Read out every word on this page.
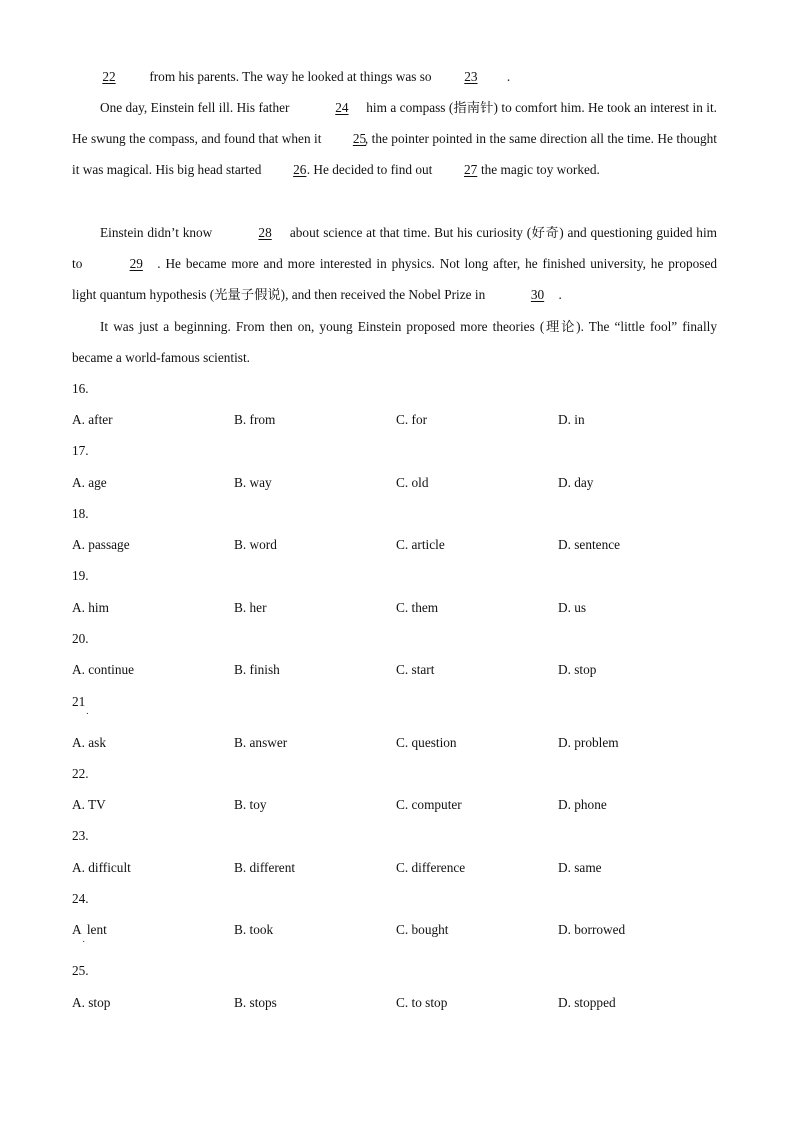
22 from his parents. The way he looked at things was so 23 .
One day, Einstein fell ill. His father	24 him a compass (指南针) to comfort him. He took an interest in it. He swung the compass, and found that when it 25, the pointer pointed in the same direction all the time. He thought it was magical. His big head started 26. He decided to find out 27 the magic toy worked.
Einstein didn’t know	28 about science at that time. But his curiosity (好奇) and questioning guided him to	29 . He became more and more interested in physics. Not long after, he finished university, he proposed light quantum hypothesis (光量子假说), and then received the Nobel Prize in	30 .
It was just a beginning. From then on, young Einstein proposed more theories (理论). The “little fool” finally became a world-famous scientist.
16.
A. after	B. from	C. for	D. in
17.
A. age	B. way	C. old	D. day
18.
A. passage	B. word	C. article	D. sentence
19.
A. him	B. her	C. them	D. us
20.
A. continue	B. finish	C. start	D. stop
$21_.$
A. ask	B. answer	C. question	D. problem
22.
A. TV	B. toy	C. computer	D. phone
23.
A. difficult	B. different	C. difference	D. same
24.
$A_.lent$	B. took	C. bought	D. borrowed
25.
A. stop	B. stops	C. to stop	D. stopped
